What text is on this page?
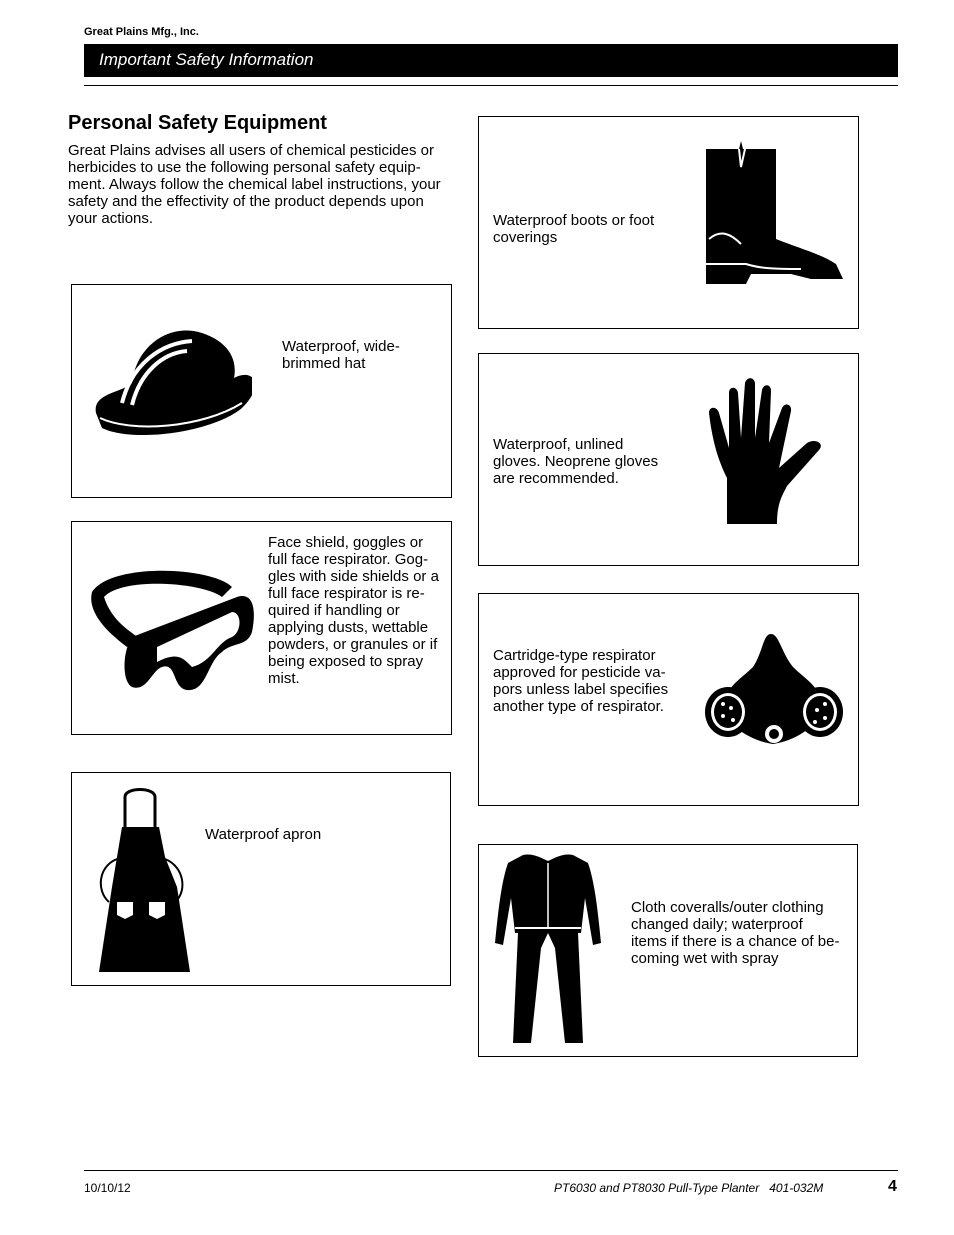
Great Plains Mfg., Inc.
Important Safety Information
Personal Safety Equipment
Great Plains advises all users of chemical pesticides or
herbicides to use the following personal safety equip-
ment. Always follow the chemical label instructions, your
safety and the effectivity of the product depends upon
your actions.
Waterproof, wide-
brimmed hat
Face shield, goggles or
full face respirator. Gog-
gles with side shields or a
full face respirator is re-
quired if handling or
applying dusts, wettable
powders, or granules or if
being exposed to spray
mist.
Waterproof apron
Waterproof boots or foot
coverings
Waterproof, unlined
gloves. Neoprene gloves
are recommended.
Cartridge-type respirator
approved for pesticide va-
pors unless label specifies
another type of respirator.
Cloth coveralls/outer clothing
changed daily; waterproof
items if there is a chance of be-
coming wet with spray
10/10/12	PT6030 and PT8030 Pull-Type Planter   401-032M	4
